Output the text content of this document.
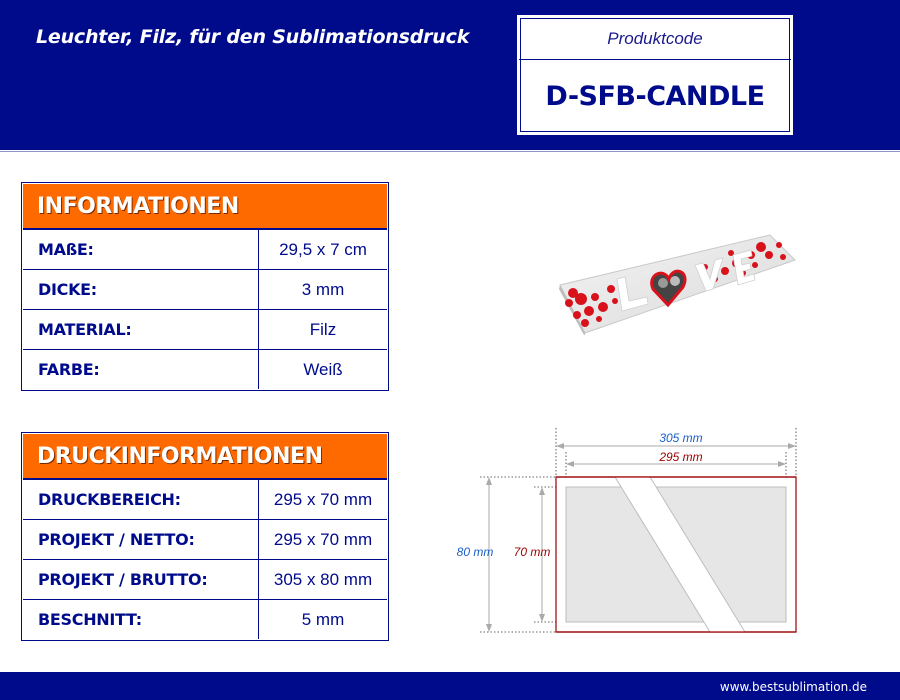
Leuchter, Filz, für den Sublimationsdruck	Produktcode
D-SFB-CANDLE
INFORMATIONEN
MAßE:	29,5 x 7 cm
DICKE:	3 mm
MATERIAL:	Filz
FARBE:	Weiß
DRUCKINFORMATIONEN
DRUCKBEREICH:	295 x 70 mm
PROJEKT / NETTO:	295 x 70 mm
PROJEKT / BRUTTO:	305 x 80 mm
BESCHNITT:	5 mm
305 mm
295 mm
80 mm 70 mm
www.bestsublimation.de
